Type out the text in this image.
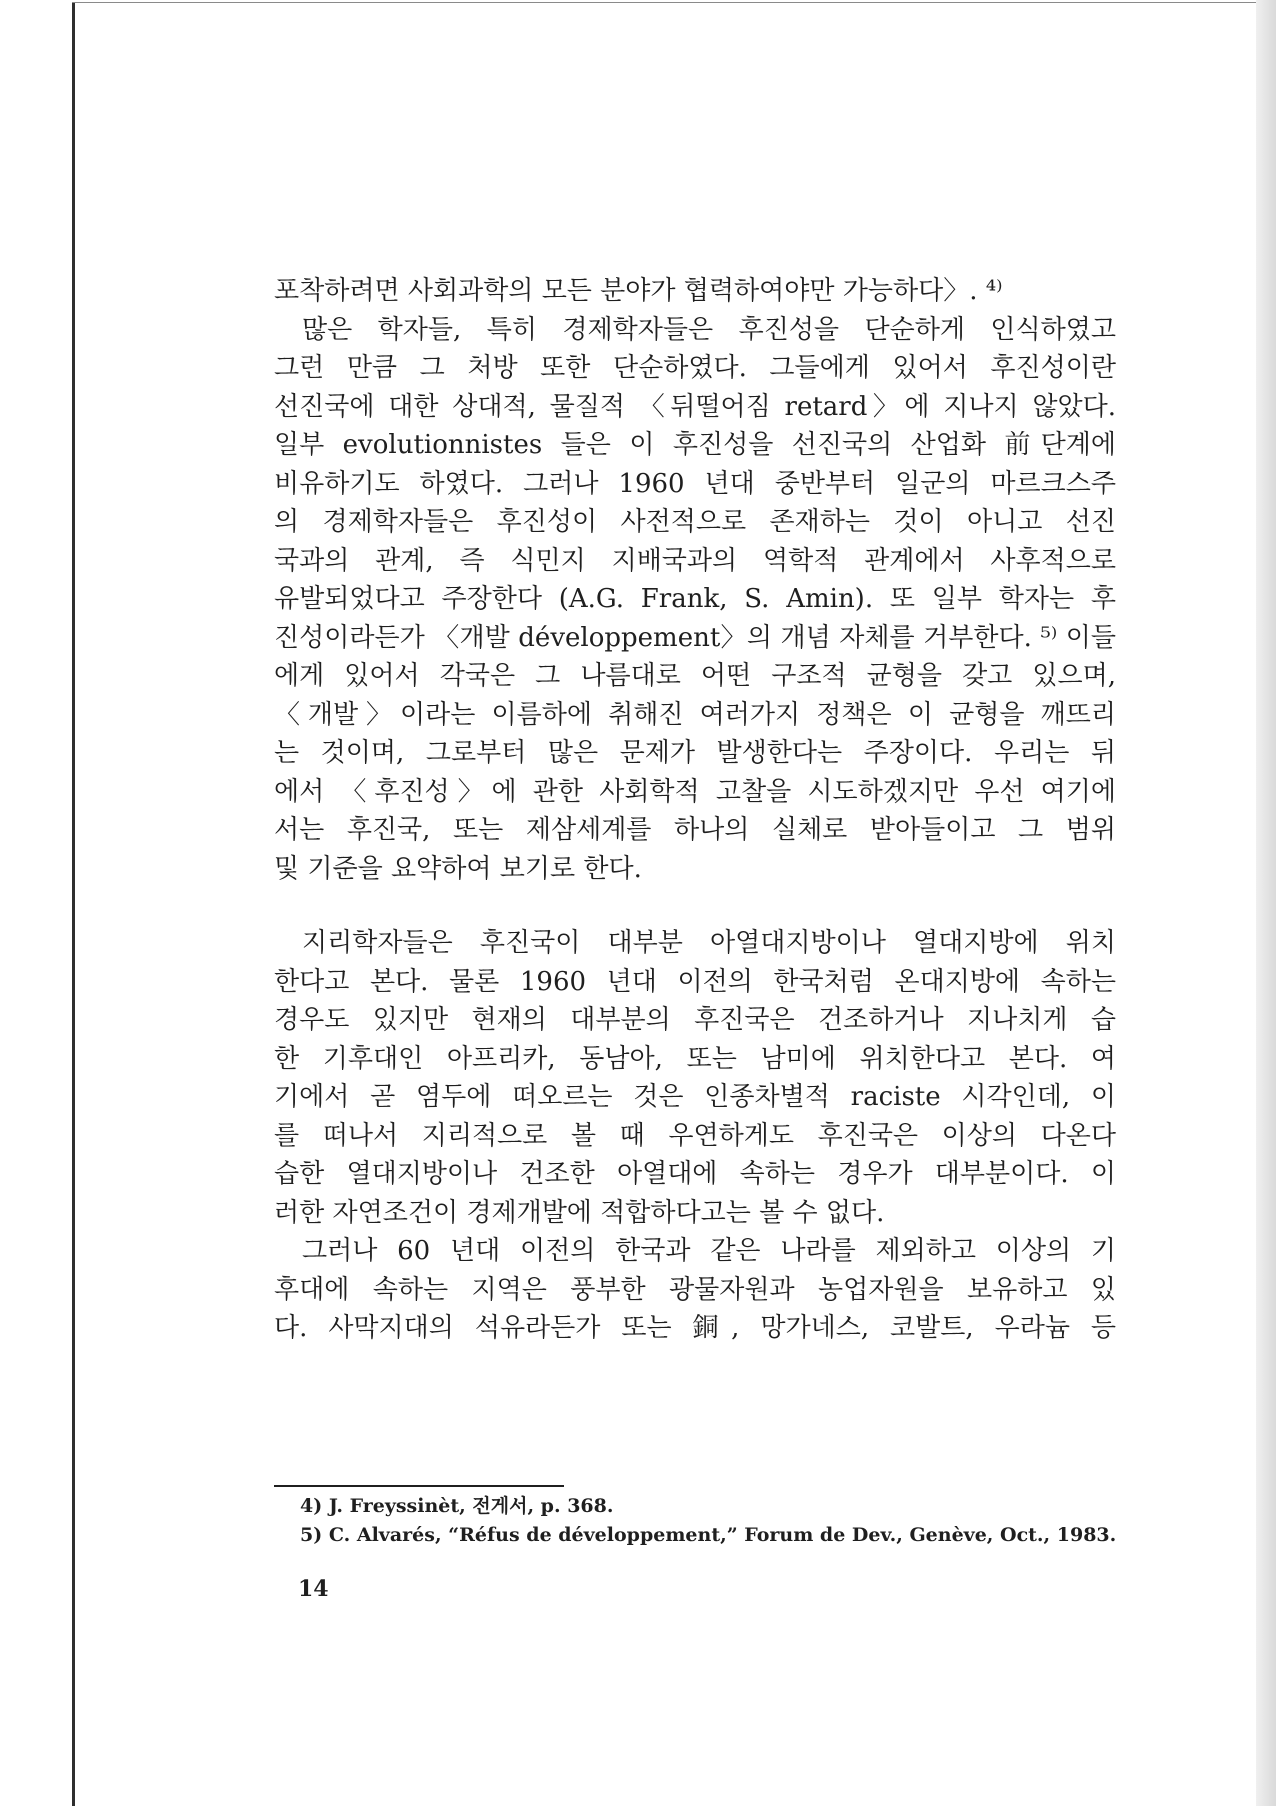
포착하려면 사회과학의 모든 분야가 협력하여야만 가능하다〉. ⁴⁾
많은 학자들, 특히 경제학자들은 후진성을 단순하게 인식하였고
그런 만큼 그 처방 또한 단순하였다. 그들에게 있어서 후진성이란
선진국에 대한 상대적, 물질적 〈뒤떨어짐 retard〉에 지나지 않았다.
일부 evolutionnistes 들은 이 후진성을 선진국의 산업화 前단계에
비유하기도 하였다. 그러나 1960 년대 중반부터 일군의 마르크스주
의 경제학자들은 후진성이 사전적으로 존재하는 것이 아니고 선진
국과의 관계, 즉 식민지 지배국과의 역학적 관계에서 사후적으로
유발되었다고 주장한다 (A.G. Frank, S. Amin). 또 일부 학자는 후
진성이라든가 〈개발 développement〉의 개념 자체를 거부한다. ⁵⁾ 이들
에게 있어서 각국은 그 나름대로 어떤 구조적 균형을 갖고 있으며,
〈개발〉이라는 이름하에 취해진 여러가지 정책은 이 균형을 깨뜨리
는 것이며, 그로부터 많은 문제가 발생한다는 주장이다. 우리는 뒤
에서 〈후진성〉에 관한 사회학적 고찰을 시도하겠지만 우선 여기에
서는 후진국, 또는 제삼세계를 하나의 실체로 받아들이고 그 범위
및 기준을 요약하여 보기로 한다.
지리학자들은 후진국이 대부분 아열대지방이나 열대지방에 위치
한다고 본다. 물론 1960 년대 이전의 한국처럼 온대지방에 속하는
경우도 있지만 현재의 대부분의 후진국은 건조하거나 지나치게 습
한 기후대인 아프리카, 동남아, 또는 남미에 위치한다고 본다. 여
기에서 곧 염두에 떠오르는 것은 인종차별적 raciste 시각인데, 이
를 떠나서 지리적으로 볼 때 우연하게도 후진국은 이상의 다온다
습한 열대지방이나 건조한 아열대에 속하는 경우가 대부분이다. 이
러한 자연조건이 경제개발에 적합하다고는 볼 수 없다.
그러나 60 년대 이전의 한국과 같은 나라를 제외하고 이상의 기
후대에 속하는 지역은 풍부한 광물자원과 농업자원을 보유하고 있
다. 사막지대의 석유라든가 또는 銅, 망가네스, 코발트, 우라늄 등
4) J. Freyssinèt, 전게서, p. 368.
5) C. Alvarés, “Réfus de développement,” Forum de Dev., Genève, Oct., 1983.
14
